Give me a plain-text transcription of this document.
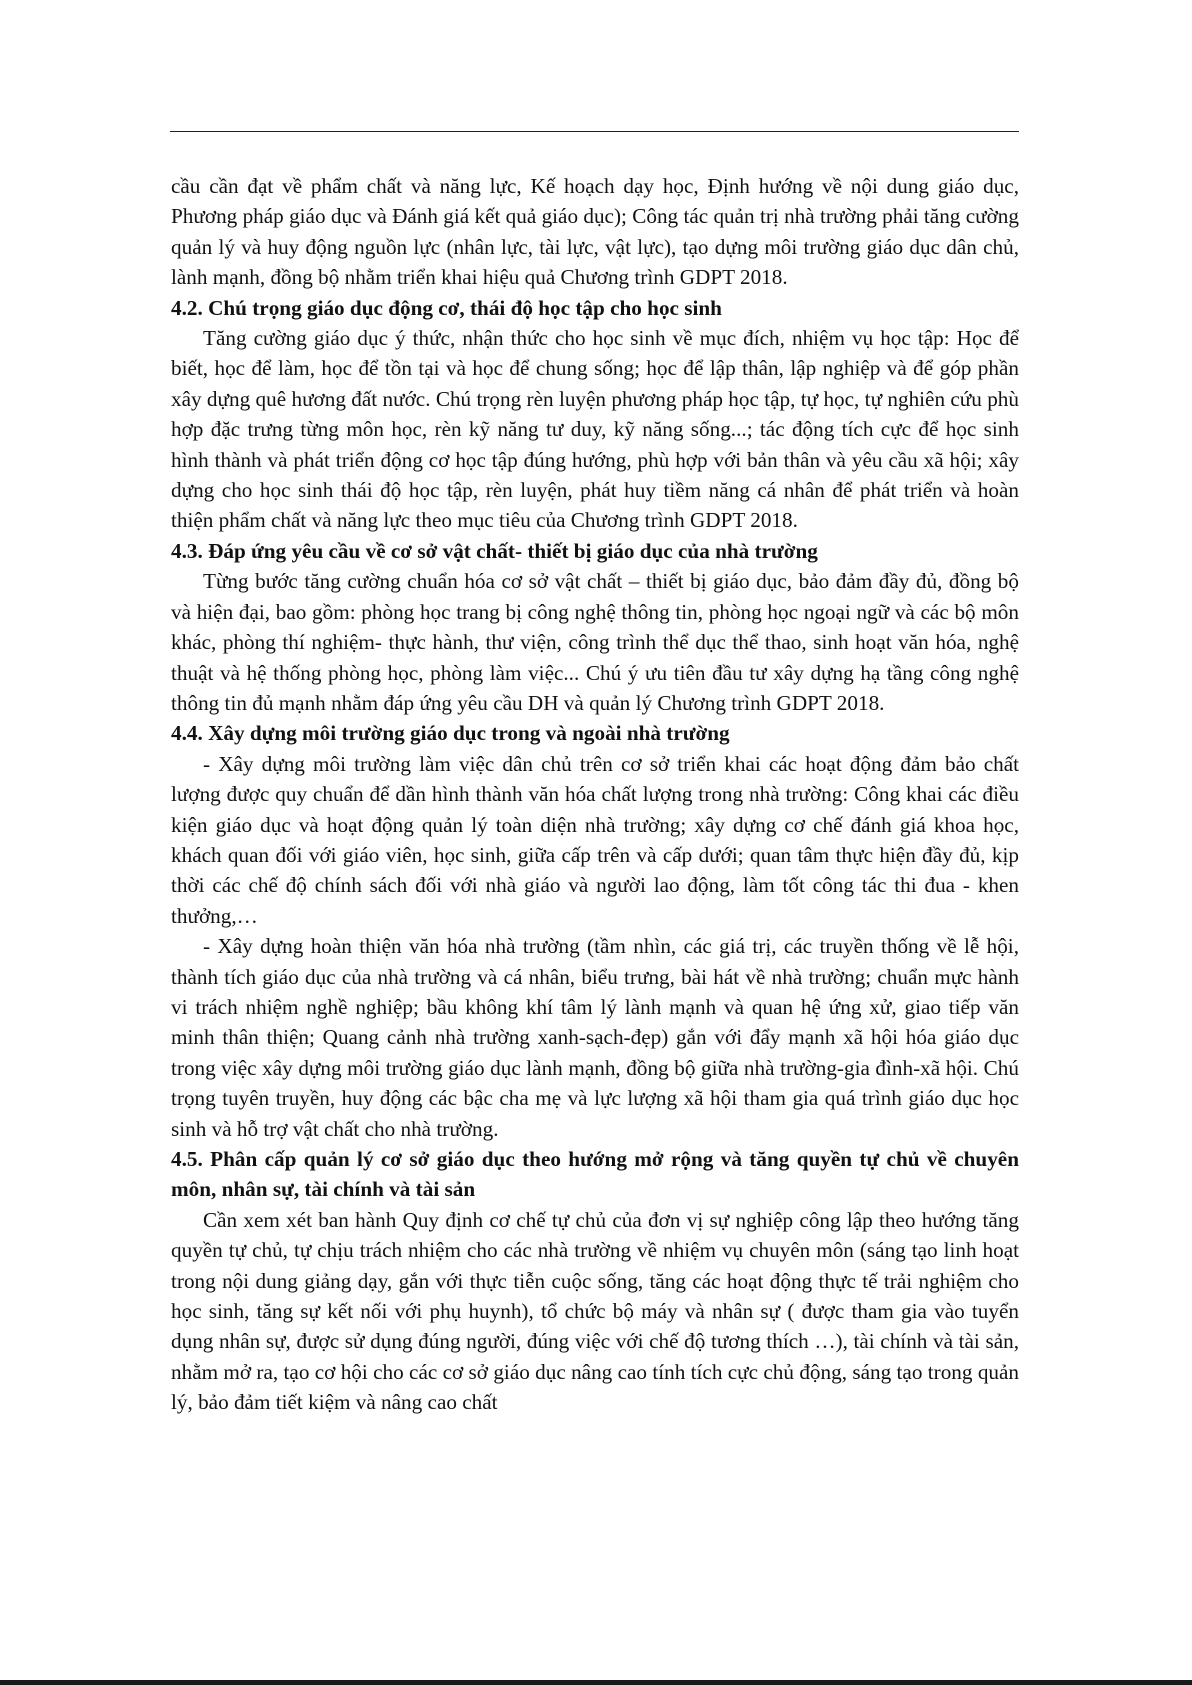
cầu cần đạt về phẩm chất và năng lực, Kế hoạch dạy học, Định hướng về nội dung giáo dục, Phương pháp giáo dục và Đánh giá kết quả giáo dục); Công tác quản trị nhà trường phải tăng cường quản lý và huy động nguồn lực (nhân lực, tài lực, vật lực), tạo dựng môi trường giáo dục dân chủ, lành mạnh, đồng bộ nhằm triển khai hiệu quả Chương trình GDPT 2018.

4.2. Chú trọng giáo dục động cơ, thái độ học tập cho học sinh

Tăng cường giáo dục ý thức, nhận thức cho học sinh về mục đích, nhiệm vụ học tập: Học để biết, học để làm, học để tồn tại và học để chung sống; học để lập thân, lập nghiệp và để góp phần xây dựng quê hương đất nước. Chú trọng rèn luyện phương pháp học tập, tự học, tự nghiên cứu phù hợp đặc trưng từng môn học, rèn kỹ năng tư duy, kỹ năng sống...; tác động tích cực để học sinh hình thành và phát triển động cơ học tập đúng hướng, phù hợp với bản thân và yêu cầu xã hội; xây dựng cho học sinh thái độ học tập, rèn luyện, phát huy tiềm năng cá nhân để phát triển và hoàn thiện phẩm chất và năng lực theo mục tiêu của Chương trình GDPT 2018.

4.3. Đáp ứng yêu cầu về cơ sở vật chất- thiết bị giáo dục của nhà trường

Từng bước tăng cường chuẩn hóa cơ sở vật chất – thiết bị giáo dục, bảo đảm đầy đủ, đồng bộ và hiện đại, bao gồm: phòng học trang bị công nghệ thông tin, phòng học ngoại ngữ và các bộ môn khác, phòng thí nghiệm- thực hành, thư viện, công trình thể dục thể thao, sinh hoạt văn hóa, nghệ thuật và hệ thống phòng học, phòng làm việc... Chú ý ưu tiên đầu tư xây dựng hạ tầng công nghệ thông tin đủ mạnh nhằm đáp ứng yêu cầu DH và quản lý Chương trình GDPT 2018.

4.4. Xây dựng môi trường giáo dục trong và ngoài nhà trường

- Xây dựng môi trường làm việc dân chủ trên cơ sở triển khai các hoạt động đảm bảo chất lượng được quy chuẩn để dần hình thành văn hóa chất lượng trong nhà trường: Công khai các điều kiện giáo dục và hoạt động quản lý toàn diện nhà trường; xây dựng cơ chế đánh giá khoa học, khách quan đối với giáo viên, học sinh, giữa cấp trên và cấp dưới; quan tâm thực hiện đầy đủ, kịp thời các chế độ chính sách đối với nhà giáo và người lao động, làm tốt công tác thi đua - khen thưởng,…

- Xây dựng hoàn thiện văn hóa nhà trường (tầm nhìn, các giá trị, các truyền thống về lễ hội, thành tích giáo dục của nhà trường và cá nhân, biểu trưng, bài hát về nhà trường; chuẩn mực hành vi trách nhiệm nghề nghiệp; bầu không khí tâm lý lành mạnh và quan hệ ứng xử, giao tiếp văn minh thân thiện; Quang cảnh nhà trường xanh-sạch-đẹp) gắn với đẩy mạnh xã hội hóa giáo dục trong việc xây dựng môi trường giáo dục lành mạnh, đồng bộ giữa nhà trường-gia đình-xã hội. Chú trọng tuyên truyền, huy động các bậc cha mẹ và lực lượng xã hội tham gia quá trình giáo dục học sinh và hỗ trợ vật chất cho nhà trường.

4.5. Phân cấp quản lý cơ sở giáo dục theo hướng mở rộng và tăng quyền tự chủ về chuyên môn, nhân sự, tài chính và tài sản

Cần xem xét ban hành Quy định cơ chế tự chủ của đơn vị sự nghiệp công lập theo hướng tăng quyền tự chủ, tự chịu trách nhiệm cho các nhà trường về nhiệm vụ chuyên môn (sáng tạo linh hoạt trong nội dung giảng dạy, gắn với thực tiễn cuộc sống, tăng các hoạt động thực tế trải nghiệm cho học sinh, tăng sự kết nối với phụ huynh), tổ chức bộ máy và nhân sự ( được tham gia vào tuyển dụng nhân sự, được sử dụng đúng người, đúng việc với chế độ tương thích …), tài chính và tài sản, nhằm mở ra, tạo cơ hội cho các cơ sở giáo dục nâng cao tính tích cực chủ động, sáng tạo trong quản lý, bảo đảm tiết kiệm và nâng cao chất
